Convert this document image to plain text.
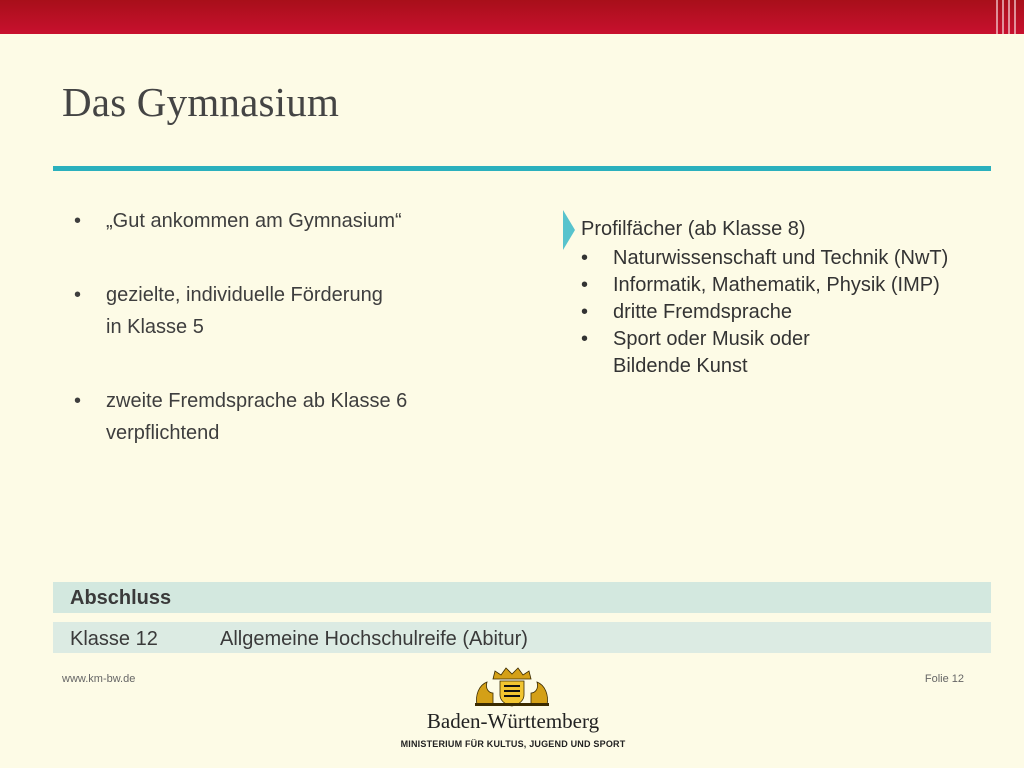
Das Gymnasium
• „Gut ankommen am Gymnasium“
• gezielte, individuelle Förderung
in Klasse 5
• zweite Fremdsprache ab Klasse 6
verpflichtend
Profilfächer (ab Klasse 8)
• Naturwissenschaft und Technik (NwT)
• Informatik, Mathematik, Physik (IMP)
• dritte Fremdsprache
• Sport oder Musik oder
Bildende Kunst
Abschluss
Klasse 12	Allgemeine Hochschulreife (Abitur)
www.km-bw.de	Folie 12
Baden-Württemberg
MINISTERIUM FÜR KULTUS, JUGEND UND SPORT
